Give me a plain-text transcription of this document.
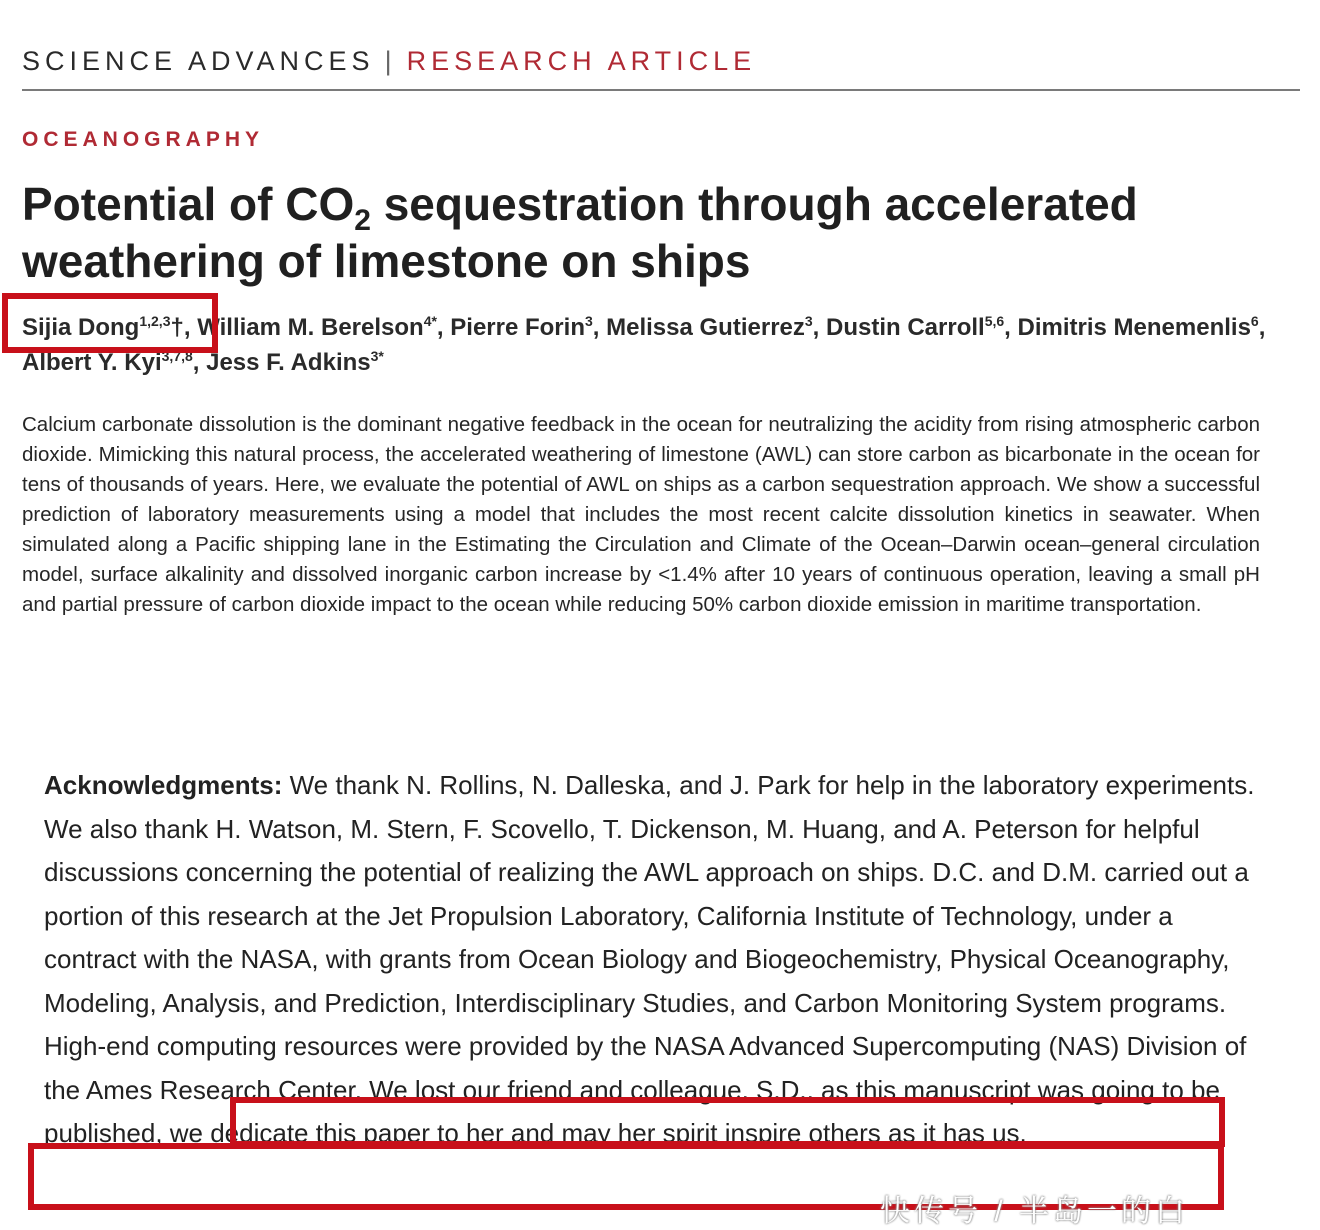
SCIENCE ADVANCES | RESEARCH ARTICLE
OCEANOGRAPHY
Potential of $CO_2$ sequestration through accelerated weathering of limestone on ships
Sijia Dong$^{1,2,3}$†, William M. Berelson$^{4*}$, Pierre Forin$^3$, Melissa Gutierrez$^3$, Dustin Carroll$^{5,6}$, Dimitris Menemenlis$^6$, Albert Y. Kyi$^{3,7,8}$, Jess F. Adkins$^{3*}$
Calcium carbonate dissolution is the dominant negative feedback in the ocean for neutralizing the acidity from rising atmospheric carbon dioxide. Mimicking this natural process, the accelerated weathering of limestone (AWL) can store carbon as bicarbonate in the ocean for tens of thousands of years. Here, we evaluate the potential of AWL on ships as a carbon sequestration approach. We show a successful prediction of laboratory measurements using a model that includes the most recent calcite dissolution kinetics in seawater. When simulated along a Pacific shipping lane in the Estimating the Circulation and Climate of the Ocean–Darwin ocean–general circulation model, surface alkalinity and dissolved inorganic carbon increase by <1.4% after 10 years of continuous operation, leaving a small pH and partial pressure of carbon dioxide impact to the ocean while reducing 50% carbon dioxide emission in maritime transportation.
Acknowledgments: We thank N. Rollins, N. Dalleska, and J. Park for help in the laboratory experiments. We also thank H. Watson, M. Stern, F. Scovello, T. Dickenson, M. Huang, and A. Peterson for helpful discussions concerning the potential of realizing the AWL approach on ships. D.C. and D.M. carried out a portion of this research at the Jet Propulsion Laboratory, California Institute of Technology, under a contract with the NASA, with grants from Ocean Biology and Biogeochemistry, Physical Oceanography, Modeling, Analysis, and Prediction, Interdisciplinary Studies, and Carbon Monitoring System programs. High-end computing resources were provided by the NASA Advanced Supercomputing (NAS) Division of the Ames Research Center. We lost our friend and colleague, S.D., as this manuscript was going to be published, we dedicate this paper to her and may her spirit inspire others as it has us.
快传号 / 半岛一的白
